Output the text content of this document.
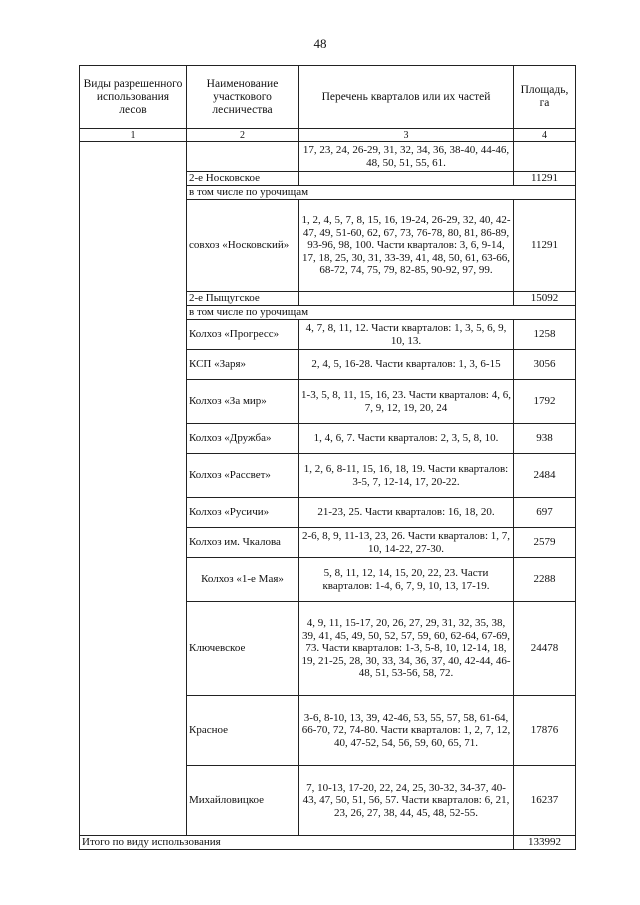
48
Виды разрешенного использования лесов	Наименование участкового лесничества	Перечень кварталов или их частей	Площадь, га
1	2	3	4
		17, 23, 24, 26-29, 31, 32, 34, 36, 38-40, 44-46, 48, 50, 51, 55, 61.	
	2-е Носковское		11291
	в том числе по урочищам		
	совхоз «Носковский»	1, 2, 4, 5, 7, 8, 15, 16, 19-24, 26-29, 32, 40, 42-47, 49, 51-60, 62, 67, 73, 76-78, 80, 81, 86-89, 93-96, 98, 100. Части кварталов: 3, 6, 9-14, 17, 18, 25, 30, 31, 33-39, 41, 48, 50, 61, 63-66, 68-72, 74, 75, 79, 82-85, 90-92, 97, 99.	11291
	2-е Пыщугское		15092
	в том числе по урочищам		
	Колхоз «Прогресс»	4, 7, 8, 11, 12. Части кварталов: 1, 3, 5, 6, 9, 10, 13.	1258
	КСП «Заря»	2, 4, 5, 16-28. Части кварталов: 1, 3, 6-15	3056
	Колхоз «За мир»	1-3, 5, 8, 11, 15, 16, 23. Части кварталов: 4, 6, 7, 9, 12, 19, 20, 24	1792
	Колхоз «Дружба»	1, 4, 6, 7. Части кварталов: 2, 3, 5, 8, 10.	938
	Колхоз «Рассвет»	1, 2, 6, 8-11, 15, 16, 18, 19. Части кварталов: 3-5, 7, 12-14, 17, 20-22.	2484
	Колхоз «Русичи»	21-23, 25. Части кварталов: 16, 18, 20.	697
	Колхоз им. Чкалова	2-6, 8, 9, 11-13, 23, 26. Части кварталов: 1, 7, 10, 14-22, 27-30.	2579
	Колхоз «1-е Мая»	5, 8, 11, 12, 14, 15, 20, 22, 23. Части кварталов: 1-4, 6, 7, 9, 10, 13, 17-19.	2288
	Ключевское	4, 9, 11, 15-17, 20, 26, 27, 29, 31, 32, 35, 38, 39, 41, 45, 49, 50, 52, 57, 59, 60, 62-64, 67-69, 73. Части кварталов: 1-3, 5-8, 10, 12-14, 18, 19, 21-25, 28, 30, 33, 34, 36, 37, 40, 42-44, 46-48, 51, 53-56, 58, 72.	24478
	Красное	3-6, 8-10, 13, 39, 42-46, 53, 55, 57, 58, 61-64, 66-70, 72, 74-80. Части кварталов: 1, 2, 7, 12, 40, 47-52, 54, 56, 59, 60, 65, 71.	17876
	Михайловицкое	7, 10-13, 17-20, 22, 24, 25, 30-32, 34-37, 40-43, 47, 50, 51, 56, 57. Части кварталов: 6, 21, 23, 26, 27, 38, 44, 45, 48, 52-55.	16237
Итого по виду использования			133992
